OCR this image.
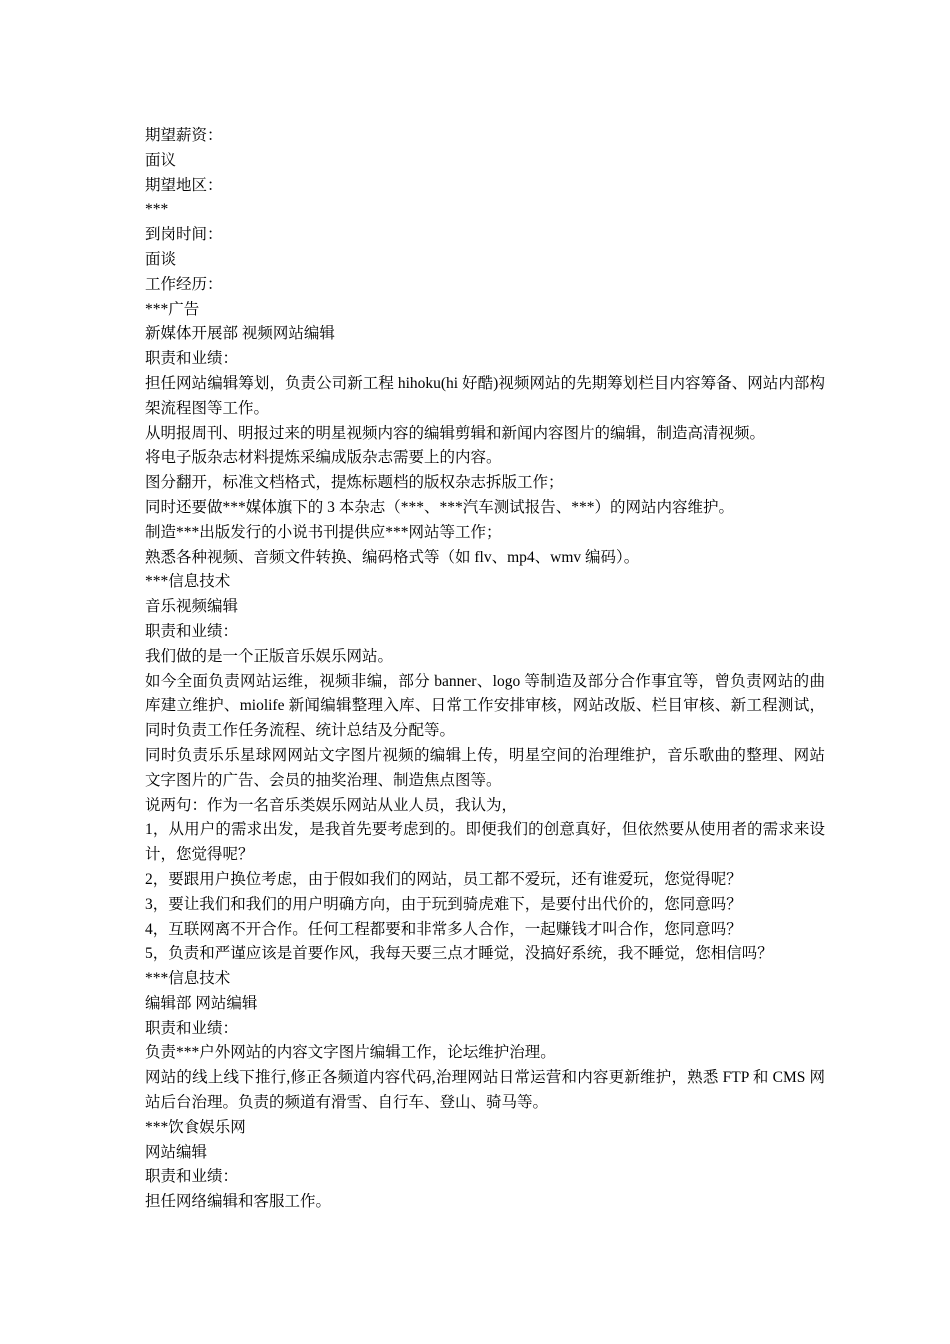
期望薪资：
面议
期望地区：
***
到岗时间：
面谈
工作经历：
***广告
新媒体开展部 视频网站编辑
职责和业绩：
担任网站编辑筹划，负责公司新工程 hihoku(hi 好酷)视频网站的先期筹划栏目内容筹备、网站内部构架流程图等工作。
从明报周刊、明报过来的明星视频内容的编辑剪辑和新闻内容图片的编辑，制造高清视频。
将电子版杂志材料提炼采编成版杂志需要上的内容。
图分翻开，标准文档格式，提炼标题档的版权杂志拆版工作；
同时还要做***媒体旗下的 3 本杂志（***、***汽车测试报告、***）的网站内容维护。
制造***出版发行的小说书刊提供应***网站等工作；
熟悉各种视频、音频文件转换、编码格式等（如 flv、mp4、wmv 编码）。
***信息技术
音乐视频编辑
职责和业绩：
我们做的是一个正版音乐娱乐网站。
如今全面负责网站运维，视频非编，部分 banner、logo 等制造及部分合作事宜等，曾负责网站的曲库建立维护、miolife 新闻编辑整理入库、日常工作安排审核，网站改版、栏目审核、新工程测试，同时负责工作任务流程、统计总结及分配等。
同时负责乐乐星球网网站文字图片视频的编辑上传，明星空间的治理维护，音乐歌曲的整理、网站文字图片的广告、会员的抽奖治理、制造焦点图等。
说两句：作为一名音乐类娱乐网站从业人员，我认为，
1，从用户的需求出发，是我首先要考虑到的。即便我们的创意真好，但依然要从使用者的需求来设计，您觉得呢？
2，要跟用户换位考虑，由于假如我们的网站，员工都不爱玩，还有谁爱玩，您觉得呢？
3，要让我们和我们的用户明确方向，由于玩到骑虎难下，是要付出代价的，您同意吗？
4，互联网离不开合作。任何工程都要和非常多人合作，一起赚钱才叫合作，您同意吗？
5，负责和严谨应该是首要作风，我每天要三点才睡觉，没搞好系统，我不睡觉，您相信吗？
***信息技术
编辑部 网站编辑
职责和业绩：
负责***户外网站的内容文字图片编辑工作，论坛维护治理。
网站的线上线下推行,修正各频道内容代码,治理网站日常运营和内容更新维护，熟悉 FTP 和 CMS 网站后台治理。负责的频道有滑雪、自行车、登山、骑马等。
***饮食娱乐网
网站编辑
职责和业绩：
担任网络编辑和客服工作。
